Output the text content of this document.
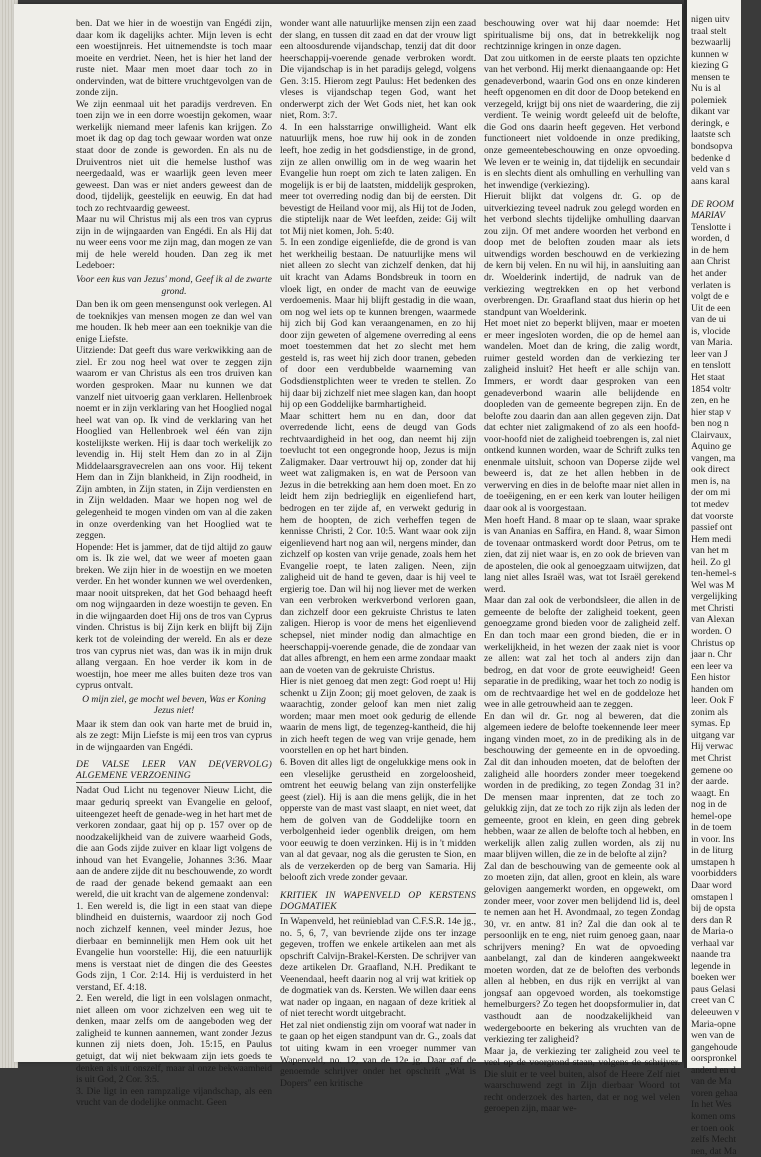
ben. Dat we hier in de woestijn van Engédi zijn, daar kom ik dagelijks achter. Mijn leven is echt een woestijnreis. Het uitnemendste is toch maar moeite en verdriet. Neen, het is hier het land der ruste niet. Maar men moet daar toch zo in ondervinden, wat de bittere vruchtgevolgen van de zonde zijn.

We zijn eenmaal uit het paradijs verdreven. En toen zijn we in een dorre woestijn gekomen, waar werkelijk niemand meer lafenis kan krijgen. Zo moet ik dag op dag toch gewaar worden wat onze staat door de zonde is geworden. En als nu de Druiventros niet uit die hemelse lusthof was neergedaald, was er waarlijk geen leven meer geweest. Dan was er niet anders geweest dan de dood, tijdelijk, geestelijk en eeuwig. En dat had toch zo rechtvaardig geweest.

Maar nu wil Christus mij als een tros van cyprus zijn in de wijngaarden van Engédi. En als Hij dat nu weer eens voor me zijn mag, dan mogen ze van mij de hele wereld houden. Dan zeg ik met Ledeboer:

Voor een kus van Jezus' mond, Geef ik al de zwarte grond.

Dan ben ik om geen mensengunst ook verlegen. Al de toeknikjes van mensen mogen ze dan wel van me houden. Ik heb meer aan een toeknikje van die enige Liefste.

Uitziende: Dat geeft dus ware verkwikking aan de ziel. Er zou nog heel wat over te zeggen zijn waarom er van Christus als een tros druiven kan worden gesproken. Maar nu kunnen we dat vanzelf niet uitvoerig gaan verklaren. Hellenbroek noemt er in zijn verklaring van het Hooglied nogal heel wat van op. Ik vind de verklaring van het Hooglied van Hellenbroek wel één van zijn kostelijkste werken. Hij is daar toch werkelijk zo levendig in. Hij stelt Hem dan zo in al Zijn Middelaarsgravecrelen aan ons voor. Hij tekent Hem dan in Zijn blankheid, in Zijn roodheid, in Zijn ambten, in Zijn staten, in Zijn verdiensten en in Zijn weldaden. Maar we hopen nog wel de gelegenheid te mogen vinden om van al die zaken in onze overdenking van het Hooglied wat te zeggen.

Hopende: Het is jammer, dat de tijd altijd zo gauw om is. Ik zie wel, dat we weer af moeten gaan breken. We zijn hier in de woestijn en we moeten verder. En het wonder kunnen we wel overdenken, maar nooit uitspreken, dat het God behaagd heeft om nog wijngaarden in deze woestijn te geven. En in die wijngaarden doet Hij ons de tros van Cyprus vinden. Christus is bij Zijn kerk en blijft bij Zijn kerk tot de voleinding der wereld. En als er deze tros van cyprus niet was, dan was ik in mijn druk allang vergaan. En hoe verder ik kom in de woestijn, hoe meer me alles buiten deze tros van cyprus ontvalt.

O mijn ziel, ge mocht wel beven, Was er Koning Jezus niet!

Maar ik stem dan ook van harte met de bruid in, als ze zegt: Mijn Liefste is mij een tros van cyprus in de wijngaarden van Engédi.

(VERVOLG)
DE VALSE LEER VAN DE ALGEMENE VERZOENING

Nadat Oud Licht nu tegenover Nieuw Licht, die maar geduriq spreekt van Evangelie en geloof, uiteengezet heeft de genade-weg in het hart met de verkoren zondaar, gaat hij op p. 157 over op de noodzakelijkheid van de zuivere waarheid Gods, die aan Gods zijde zuiver en klaar ligt volgens de inhoud van het Evangelie, Johannes 3:36. Maar aan de andere zijde dit nu beschouwende, zo wordt de raad der genade bekend gemaakt aan een wereld, die uit kracht van de algemene zondenval:

1. Een wereld is, die ligt in een staat van diepe blindheid en duisternis, waardoor zij noch God noch zichzelf kennen, veel minder Jezus, hoe dierbaar en beminnelijk men Hem ook uit het Evangelie hun voorstelle: Hij, die een natuurlijk mens is verstaat niet de dingen die des Geestes Gods zijn, 1 Cor. 2:14. Hij is verduisterd in het verstand, Ef. 4:18.

2. Een wereld, die ligt in een volslagen onmacht, niet alleen om voor zichzelven een weg uit te denken, maar zelfs om de aangeboden weg der zaligheid te kunnen aannemen, want zonder Jezus kunnen zij niets doen, Joh. 15:15, en Paulus getuigt, dat wij niet bekwaam zijn iets goeds te denken als uit onszelf, maar al onze bekwaamheid is uit God, 2 Cor. 3:5.

3. Die ligt in een rampzalige vijandschap, als een vrucht van de dodelijke onmacht. Geen

wonder want alle natuurlijke mensen zijn een zaad der slang, en tussen dit zaad en dat der vrouw ligt een altoosdurende vijandschap, tenzij dat dit door heerschappij-voerende genade verbroken wordt. Die vijandschap is in het paradijs gelegd, volgens Gen. 3:15. Hierom zegt Paulus: Het bedenken des vleses is vijandschap tegen God, want het onderwerpt zich der Wet Gods niet, het kan ook niet, Rom. 3:7.

4. In een halsstarrige onwilligheid. Want elk natuurlijk mens, hoe ruw hij ook in de zonden leeft, hoe zedig in het godsdienstige, in de grond, zijn ze allen onwillig om in de weg waarin het Evangelie hun roept om zich te laten zaligen. En mogelijk is er bij de laatsten, middelijk gesproken, meer tot overreding nodig dan bij de eersten. Dit bevestigt de Heiland voor mij, als Hij tot de Joden, die stiptelijk naar de Wet leefden, zeide: Gij wilt tot Mij niet komen, Joh. 5:40.

5. In een zondige eigenliefde, die de grond is van het werkheilig bestaan. De natuurlijke mens wil niet alleen zo slecht van zichzelf denken, dat hij uit kracht van Adams Bondsbreuk in toorn en vloek ligt, en onder de macht van de eeuwige verdoemenis. Maar hij blijft gestadig in die waan, om nog wel iets op te kunnen brengen, waarmede hij zich bij God kan veraangenamen, en zo hij door zijn geweten of algemene overreding al eens moet toestemmen dat het zo slecht met hem gesteld is, ras weet hij zich door tranen, gebeden of door een verdubbelde waarneming van Godsdienstplichten weer te vreden te stellen. Zo hij daar bij zichzelf niet mee slagen kan, dan hoopt hij op een Goddelijke barmhartigheid.

Maar schittert hem nu en dan, door dat overredende licht, eens de deugd van Gods rechtvaardigheid in het oog, dan neemt hij zijn toevlucht tot een ongegronde hoop, Jezus is mijn Zaligmaker. Daar vertrouwt hij op, zonder dat hij weet wat zaligmaken is, en wat de Persoon van Jezus in die betrekking aan hem doen moet. En zo leidt hem zijn bedrieglijk en eigenliefend hart, bedrogen en ter zijde af, en verwekt gedurig in hem de hoopten, de zich verheffen tegen de kennisse Christi, 2 Cor. 10:5. Want waar ook zijn eigenlievend hart nog aan wil, nergens minder, dan zichzelf op kosten van vrije genade, zoals hem het Evangelie roept, te laten zaligen. Neen, zijn zaligheid uit de hand te geven, daar is hij veel te ergierig toe. Dan wil hij nog liever met de werken van een verbroken werkverbond verloren gaan, dan zichzelf door een gekruiste Christus te laten zaligen. Hierop is voor de mens het eigenlievend schepsel, niet minder nodig dan almachtige en heerschappij-voerende genade, die de zondaar van dat alles afbrengt, en hem een arme zondaar maakt aan de voeten van de gekruiste Christus.

Hier is niet genoeg dat men zegt: God roept u! Hij schenkt u Zijn Zoon; gij moet geloven, de zaak is waarachtig, zonder geloof kan men niet zalig worden; maar men moet ook gedurig de ellende waarin de mens ligt, de tegenzeg-kantheid, die hij in zich heeft tegen de weg van vrije genade, hem voorstellen en op het hart binden.

6. Boven dit alles ligt de ongelukkige mens ook in een vleselijke gerustheid en zorgeloosheid, omtrent het eeuwig belang van zijn onsterfelijke geest (ziel). Hij is aan die mens gelijk, die in het opperste van de mast vast slaapt, en niet weet, dat hem de golven van de Goddelijke toorn en verbolgenheid ieder ogenblik dreigen, om hem voor eeuwig te doen verzinken. Hij is in 't midden van al dat gevaar, nog als die gerusten te Sion, en als de verzekerden op de berg van Samaria. Hij belooft zich vrede zonder gevaar.

KRITIEK IN WAPENVELD OP KERSTENS DOGMATIEK

In Wapenveld, het reünieblad van C.F.S.R. 14e jg., no. 5, 6, 7, van bevriende zijde ons ter inzage gegeven, troffen we enkele artikelen aan met als opschrift Calvijn-Brakel-Kersten. De schrijver van deze artikelen Dr. Graafland, N.H. Predikant te Veenendaal, heeft daarin nog al vrij wat kritiek op de dogmatiek van ds. Kersten. We willen daar eens wat nader op ingaan, en nagaan of deze kritiek al of niet terecht wordt uitgebracht.

Het zal niet ondienstig zijn om vooraf wat nader in te gaan op het eigen standpunt van dr. G., zoals dat tot uiting kwam in een vroeger nummer van Wapenveld, no. 12, van de 12e jg. Daar gaf de genoemde schrijver onder het opschrift „Wat is Dopers" een kritische

beschouwing over wat hij daar noemde: Het spiritualisme bij ons, dat in betrekkelijk nog rechtzinnige kringen in onze dagen.

Dat zou uitkomen in de eerste plaats ten opzichte van het verbond. Hij merkt dienaangaande op: Het genadeverbond, waarin God ons en onze kinderen heeft opgenomen en dit door de Doop betekend en verzegeld, krijgt bij ons niet de waardering, die zij verdient. Te weinig wordt geleefd uit de belofte, die God ons daarin heeft gegeven. Het verbond functioneert niet voldoende in onze prediking, onze gemeentebeschouwing en onze opvoeding. We leven er te weinig in, dat tijdelijk en secundair is en slechts dient als omhulling en verhulling van het inwendige (verkiezing).

Hieruit blijkt dat volgens dr. G. op de uitverkiezing teveel nadruk zou gelegd worden en het verbond slechts tijdelijke omhulling daarvan zou zijn. Of met andere woorden het verbond en doop met de beloften zouden maar als iets uitwendigs worden beschouwd en de verkiezing de kern bij velen. En nu wil hij, in aansluiting aan dr. Woelderink indertijd, de nadruk van de verkiezing wegtrekken en op het verbond overbrengen. Dr. Graafland staat dus hierin op het standpunt van Woelderink.

Het moet niet zo beperkt blijven, maar er moeten er meer ingesloten worden, die op de hemel aan wandelen. Moet dan de kring, die zalig wordt, ruimer gesteld worden dan de verkiezing ter zaligheid insluit? Het heeft er alle schijn van. Immers, er wordt daar gesproken van een genadeverbond waarin alle belijdende en doopleden van de gemeente begrepen zijn. En de belofte zou daarin dan aan allen gegeven zijn. Dat dat echter niet zaligmakend of zo als een hoofd-voor-hoofd niet de zaligheid toebrengen is, zal niet ontkend kunnen worden, waar de Schrift zulks ten enenmale uitsluit, schoon van Doperse zijde wel beweerd is, dat ze het allen hebben in de verwerving en dies in de belofte maar niet allen in de toeëigening, en er een kerk van louter heiligen daar ook al is voorgestaan.

Men hoeft Hand. 8 maar op te slaan, waar sprake is van Ananias en Saffira, en Hand. 8, waar Simon de tovenaar ontmaskerd wordt door Petrus, om te zien, dat zij niet waar is, en zo ook de brieven van de apostelen, die ook al genoegzaam uitwijzen, dat lang niet alles Israël was, wat tot Israël gerekend werd.

Maar dan zal ook de verbondsleer, die allen in de gemeente de belofte der zaligheid toekent, geen genoegzame grond bieden voor de zaligheid zelf. En dan toch maar een grond bieden, die er in werkelijkheid, in het wezen der zaak niet is voor ze allen: wat zal het toch al anders zijn dan bedrog, en dat voor de grote eeuwigheid! Geen separatie in de prediking, waar het toch zo nodig is om de rechtvaardige het wel en de goddeloze het wee in alle getrouwheid aan te zeggen.

En dan wil dr. Gr. nog al beweren, dat die algemeen iedere de belofte toekennende leer meer ingang vinden moet, zo in de prediking als in de beschouwing der gemeente en in de opvoeding. Zal dit dan inhouden moeten, dat de beloften der zaligheid alle hoorders zonder meer toegekend worden in de prediking, zo tegen Zondag 31 in? De mensen maar inprenten, dat ze toch zo gelukkig zijn, dat ze toch zo rijk zijn als leden der gemeente, groot en klein, en geen ding gebrek hebben, waar ze allen de belofte toch al hebben, en werkelijk allen zalig zullen worden, als zij nu maar blijven willen, die ze in de belofte al zijn?

Zal dan de beschouwing van de gemeente ook al zo moeten zijn, dat allen, groot en klein, als ware gelovigen aangemerkt worden, en opgewekt, om zonder meer, voor zover men belijdend lid is, deel te nemen aan het H. Avondmaal, zo tegen Zondag 30, vr. en antw. 81 in? Zal die dan ook al te persoonlijk en te eng, niet ruim genoeg gaan, naar schrijvers mening? En wat de opvoeding aanbelangt, zal dan de kinderen aangekweekt moeten worden, dat ze de beloften des verbonds allen al hebben, en dus rijk en verrijkt al van jongsaf aan opgevoed worden, als toekomstige hemelburgers? Zo tegen het doopsformulier in, dat vasthoudt aan de noodzakelijkheid van wedergeboorte en bekering als vruchten van de verkiezing ter zaligheid?

Maar ja, de verkiezing ter zaligheid zou veel te veel op de voorgrond staan, volgens de schrijver. Die sluit er te veel buiten, alsof de Heere Zelf niet waarschuwend zegt in Zijn dierbaar Woord tot recht onderzoek des harten, dat er nog wel velen geroepen zijn, maar we-

nigen uitv
traal stelt
bezwaarlij
kunnen w
kiezing G
mensen te
Nu is al
polemiek
dikant var
deringk, e
laatste sch
bondsopva
bedenke d
veld van s
aans karal

DE ROOM
MARIAV
Tenslotte i
worden, d
in de hem
aan Christ
het ander
verlaten is
volgt de e
Uit de een
van de ui
is, vlocide
van Maria.
leer van J
en tenslott
Het staat
1854 voltr
zen, en he
hier stap v
ben nog n
Clairvaux,
Aquino ge
vangen, ma
ook direct
men is, na
der om mi
tot medev
dat voorste
passief ont
Hem medi
van het m
heil. Zo gl
ten-hemel-s
Wel was M
vergelijking
met Christi
van Alexan
worden. O
Christus op
jaar n. Chr
een leer va
Een histor
handen om
leer. Ook F
zonim als
symas. Ep
uitgang var
Hij verwac
met Christ
gemene oo
der aarde.
waagt. En
nog in de
hemel-ope
in de toem
in voor. Ins
in de liturg
umstapen h
voorbidders
Daar word
omstapen l
bij de opsta
ders dan R
de Maria-o
verhaal var
naande tra
legende in
boeken wer
paus Gelasi
creet van C
deleeuwen v
Maria-opne
wen van de
gangehoude
oorspronkel
anderd en d
van de Ma
voren gehaa
In het Wes
komen oms
er toen ook
zelfs Mecht
nen, dat Ma
